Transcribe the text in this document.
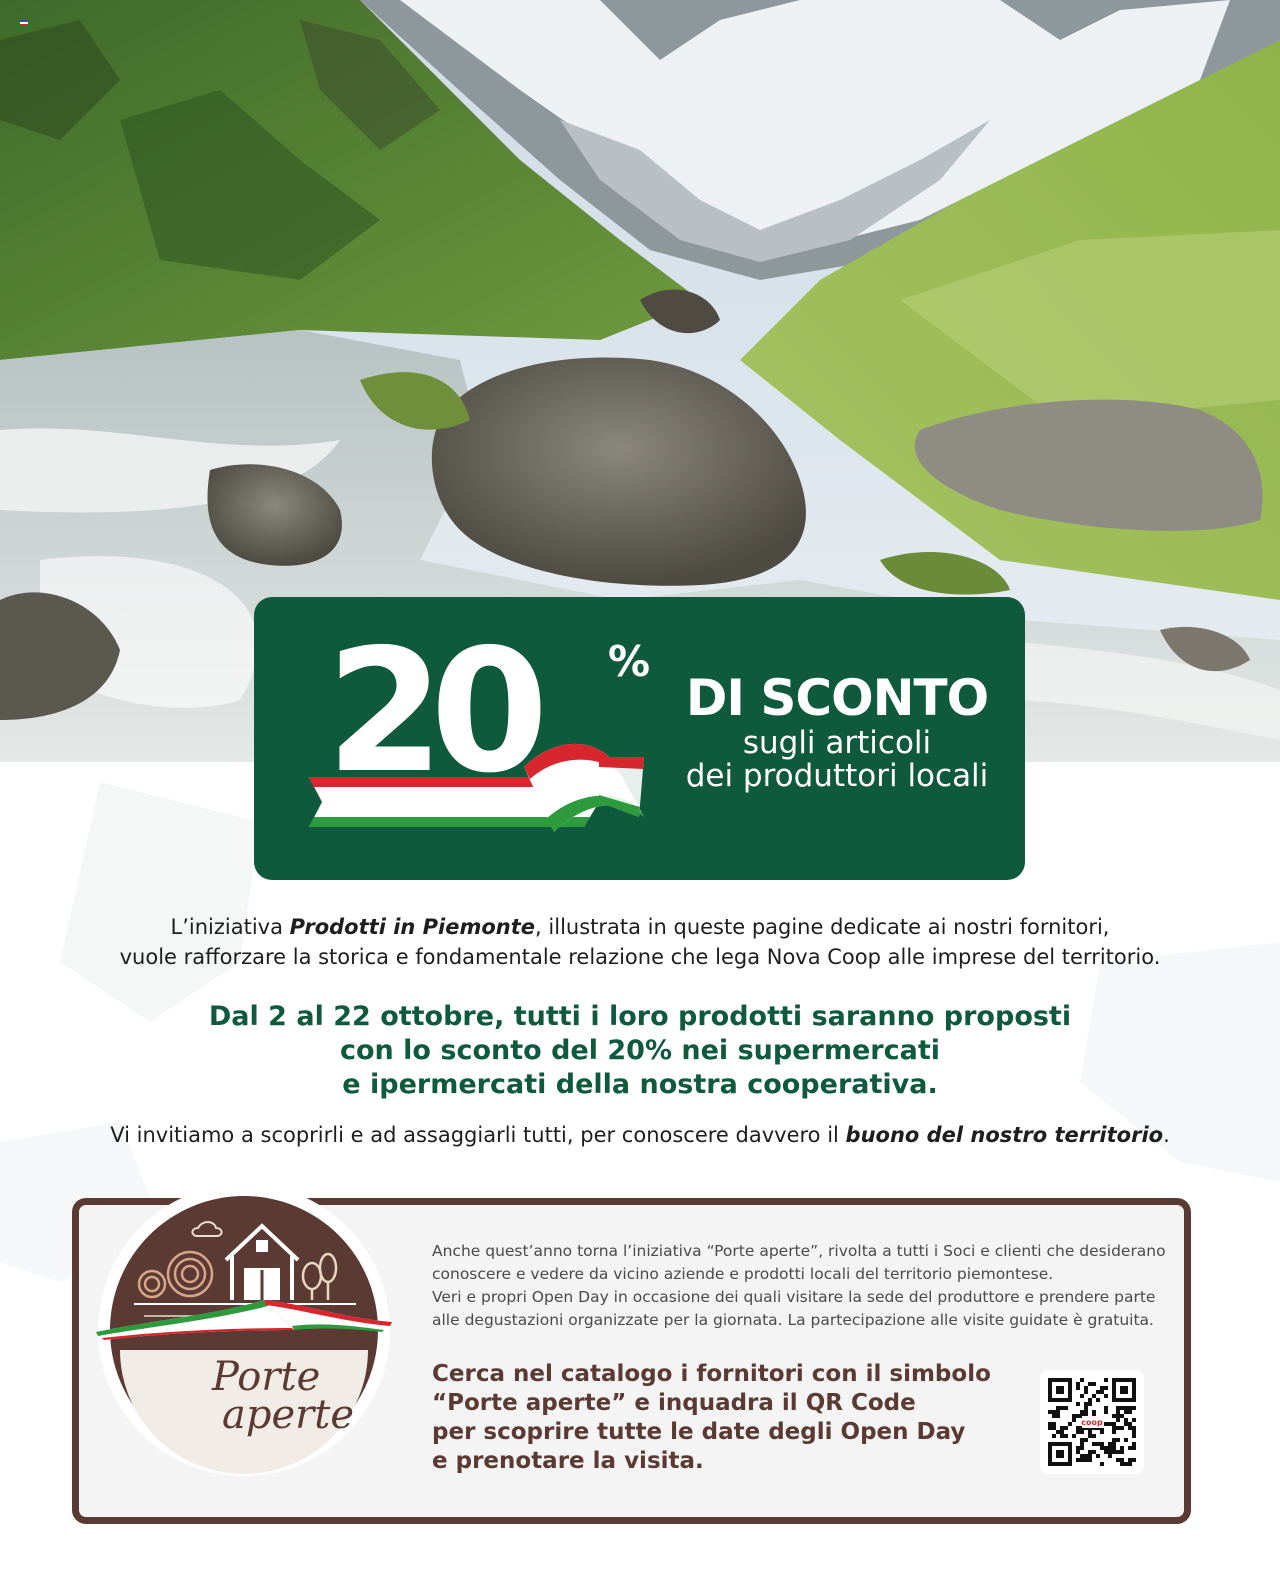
20 %
DI SCONTO
sugli articoli
dei produttori locali
L’iniziativa Prodotti in Piemonte, illustrata in queste pagine dedicate ai nostri fornitori,
vuole rafforzare la storica e fondamentale relazione che lega Nova Coop alle imprese del territorio.
Dal 2 al 22 ottobre, tutti i loro prodotti saranno proposti
con lo sconto del 20% nei supermercati
e ipermercati della nostra cooperativa.
Vi invitiamo a scoprirli e ad assaggiarli tutti, per conoscere davvero il buono del nostro territorio.
Porte
aperte

Anche quest’anno torna l’iniziativa “Porte aperte”, rivolta a tutti i Soci e clienti che desiderano

conoscere e vedere da vicino aziende e prodotti locali del territorio piemontese.

Veri e propri Open Day in occasione dei quali visitare la sede del produttore e prendere parte

alle degustazioni organizzate per la giornata. La partecipazione alle visite guidate è gratuita.

Cerca nel catalogo i fornitori con il simbolo

“Porte aperte” e inquadra il QR Code

per scoprire tutte le date degli Open Day

e prenotare la visita.

coop
